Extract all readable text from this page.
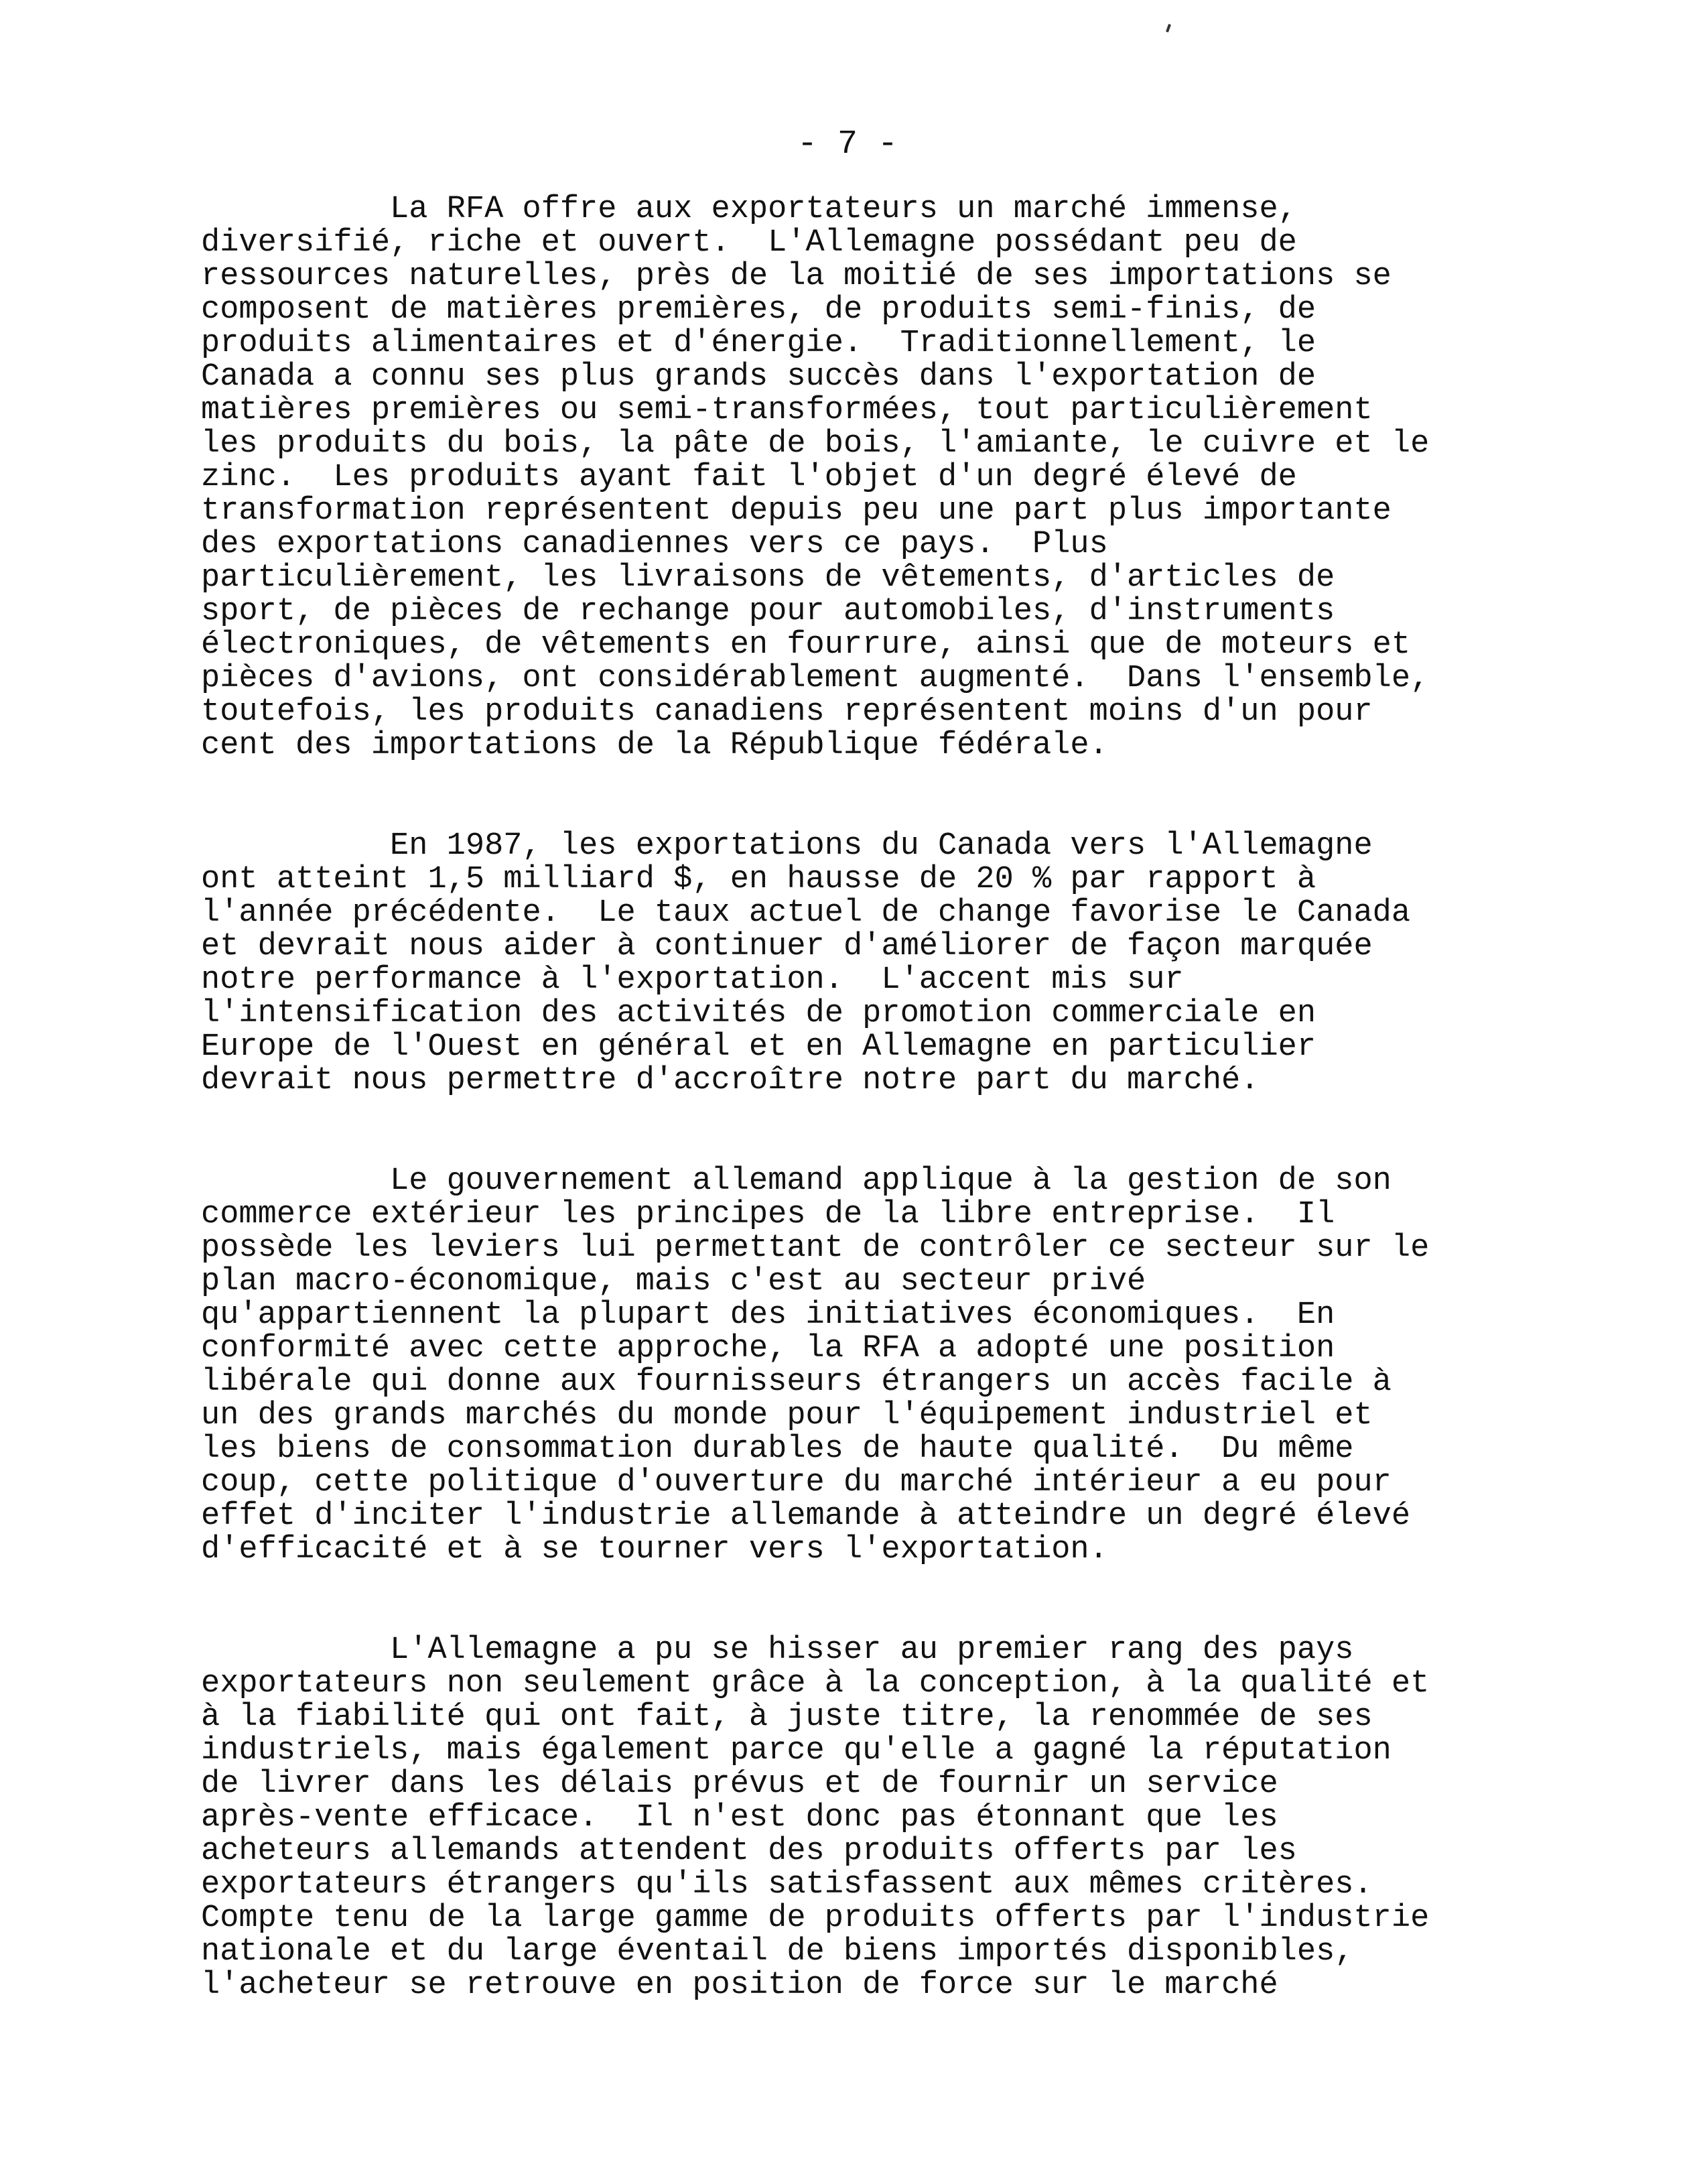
- 7 -
La RFA offre aux exportateurs un marché immense,
diversifié, riche et ouvert.  L'Allemagne possédant peu de
ressources naturelles, près de la moitié de ses importations se
composent de matières premières, de produits semi-finis, de
produits alimentaires et d'énergie.  Traditionnellement, le
Canada a connu ses plus grands succès dans l'exportation de
matières premières ou semi-transformées, tout particulièrement
les produits du bois, la pâte de bois, l'amiante, le cuivre et le
zinc.  Les produits ayant fait l'objet d'un degré élevé de
transformation représentent depuis peu une part plus importante
des exportations canadiennes vers ce pays.  Plus
particulièrement, les livraisons de vêtements, d'articles de
sport, de pièces de rechange pour automobiles, d'instruments
électroniques, de vêtements en fourrure, ainsi que de moteurs et
pièces d'avions, ont considérablement augmenté.  Dans l'ensemble,
toutefois, les produits canadiens représentent moins d'un pour
cent des importations de la République fédérale.
En 1987, les exportations du Canada vers l'Allemagne
ont atteint 1,5 milliard $, en hausse de 20 % par rapport à
l'année précédente.  Le taux actuel de change favorise le Canada
et devrait nous aider à continuer d'améliorer de façon marquée
notre performance à l'exportation.  L'accent mis sur
l'intensification des activités de promotion commerciale en
Europe de l'Ouest en général et en Allemagne en particulier
devrait nous permettre d'accroître notre part du marché.
Le gouvernement allemand applique à la gestion de son
commerce extérieur les principes de la libre entreprise.  Il
possède les leviers lui permettant de contrôler ce secteur sur le
plan macro-économique, mais c'est au secteur privé
qu'appartiennent la plupart des initiatives économiques.  En
conformité avec cette approche, la RFA a adopté une position
libérale qui donne aux fournisseurs étrangers un accès facile à
un des grands marchés du monde pour l'équipement industriel et
les biens de consommation durables de haute qualité.  Du même
coup, cette politique d'ouverture du marché intérieur a eu pour
effet d'inciter l'industrie allemande à atteindre un degré élevé
d'efficacité et à se tourner vers l'exportation.
L'Allemagne a pu se hisser au premier rang des pays
exportateurs non seulement grâce à la conception, à la qualité et
à la fiabilité qui ont fait, à juste titre, la renommée de ses
industriels, mais également parce qu'elle a gagné la réputation
de livrer dans les délais prévus et de fournir un service
après-vente efficace.  Il n'est donc pas étonnant que les
acheteurs allemands attendent des produits offerts par les
exportateurs étrangers qu'ils satisfassent aux mêmes critères.
Compte tenu de la large gamme de produits offerts par l'industrie
nationale et du large éventail de biens importés disponibles,
l'acheteur se retrouve en position de force sur le marché
